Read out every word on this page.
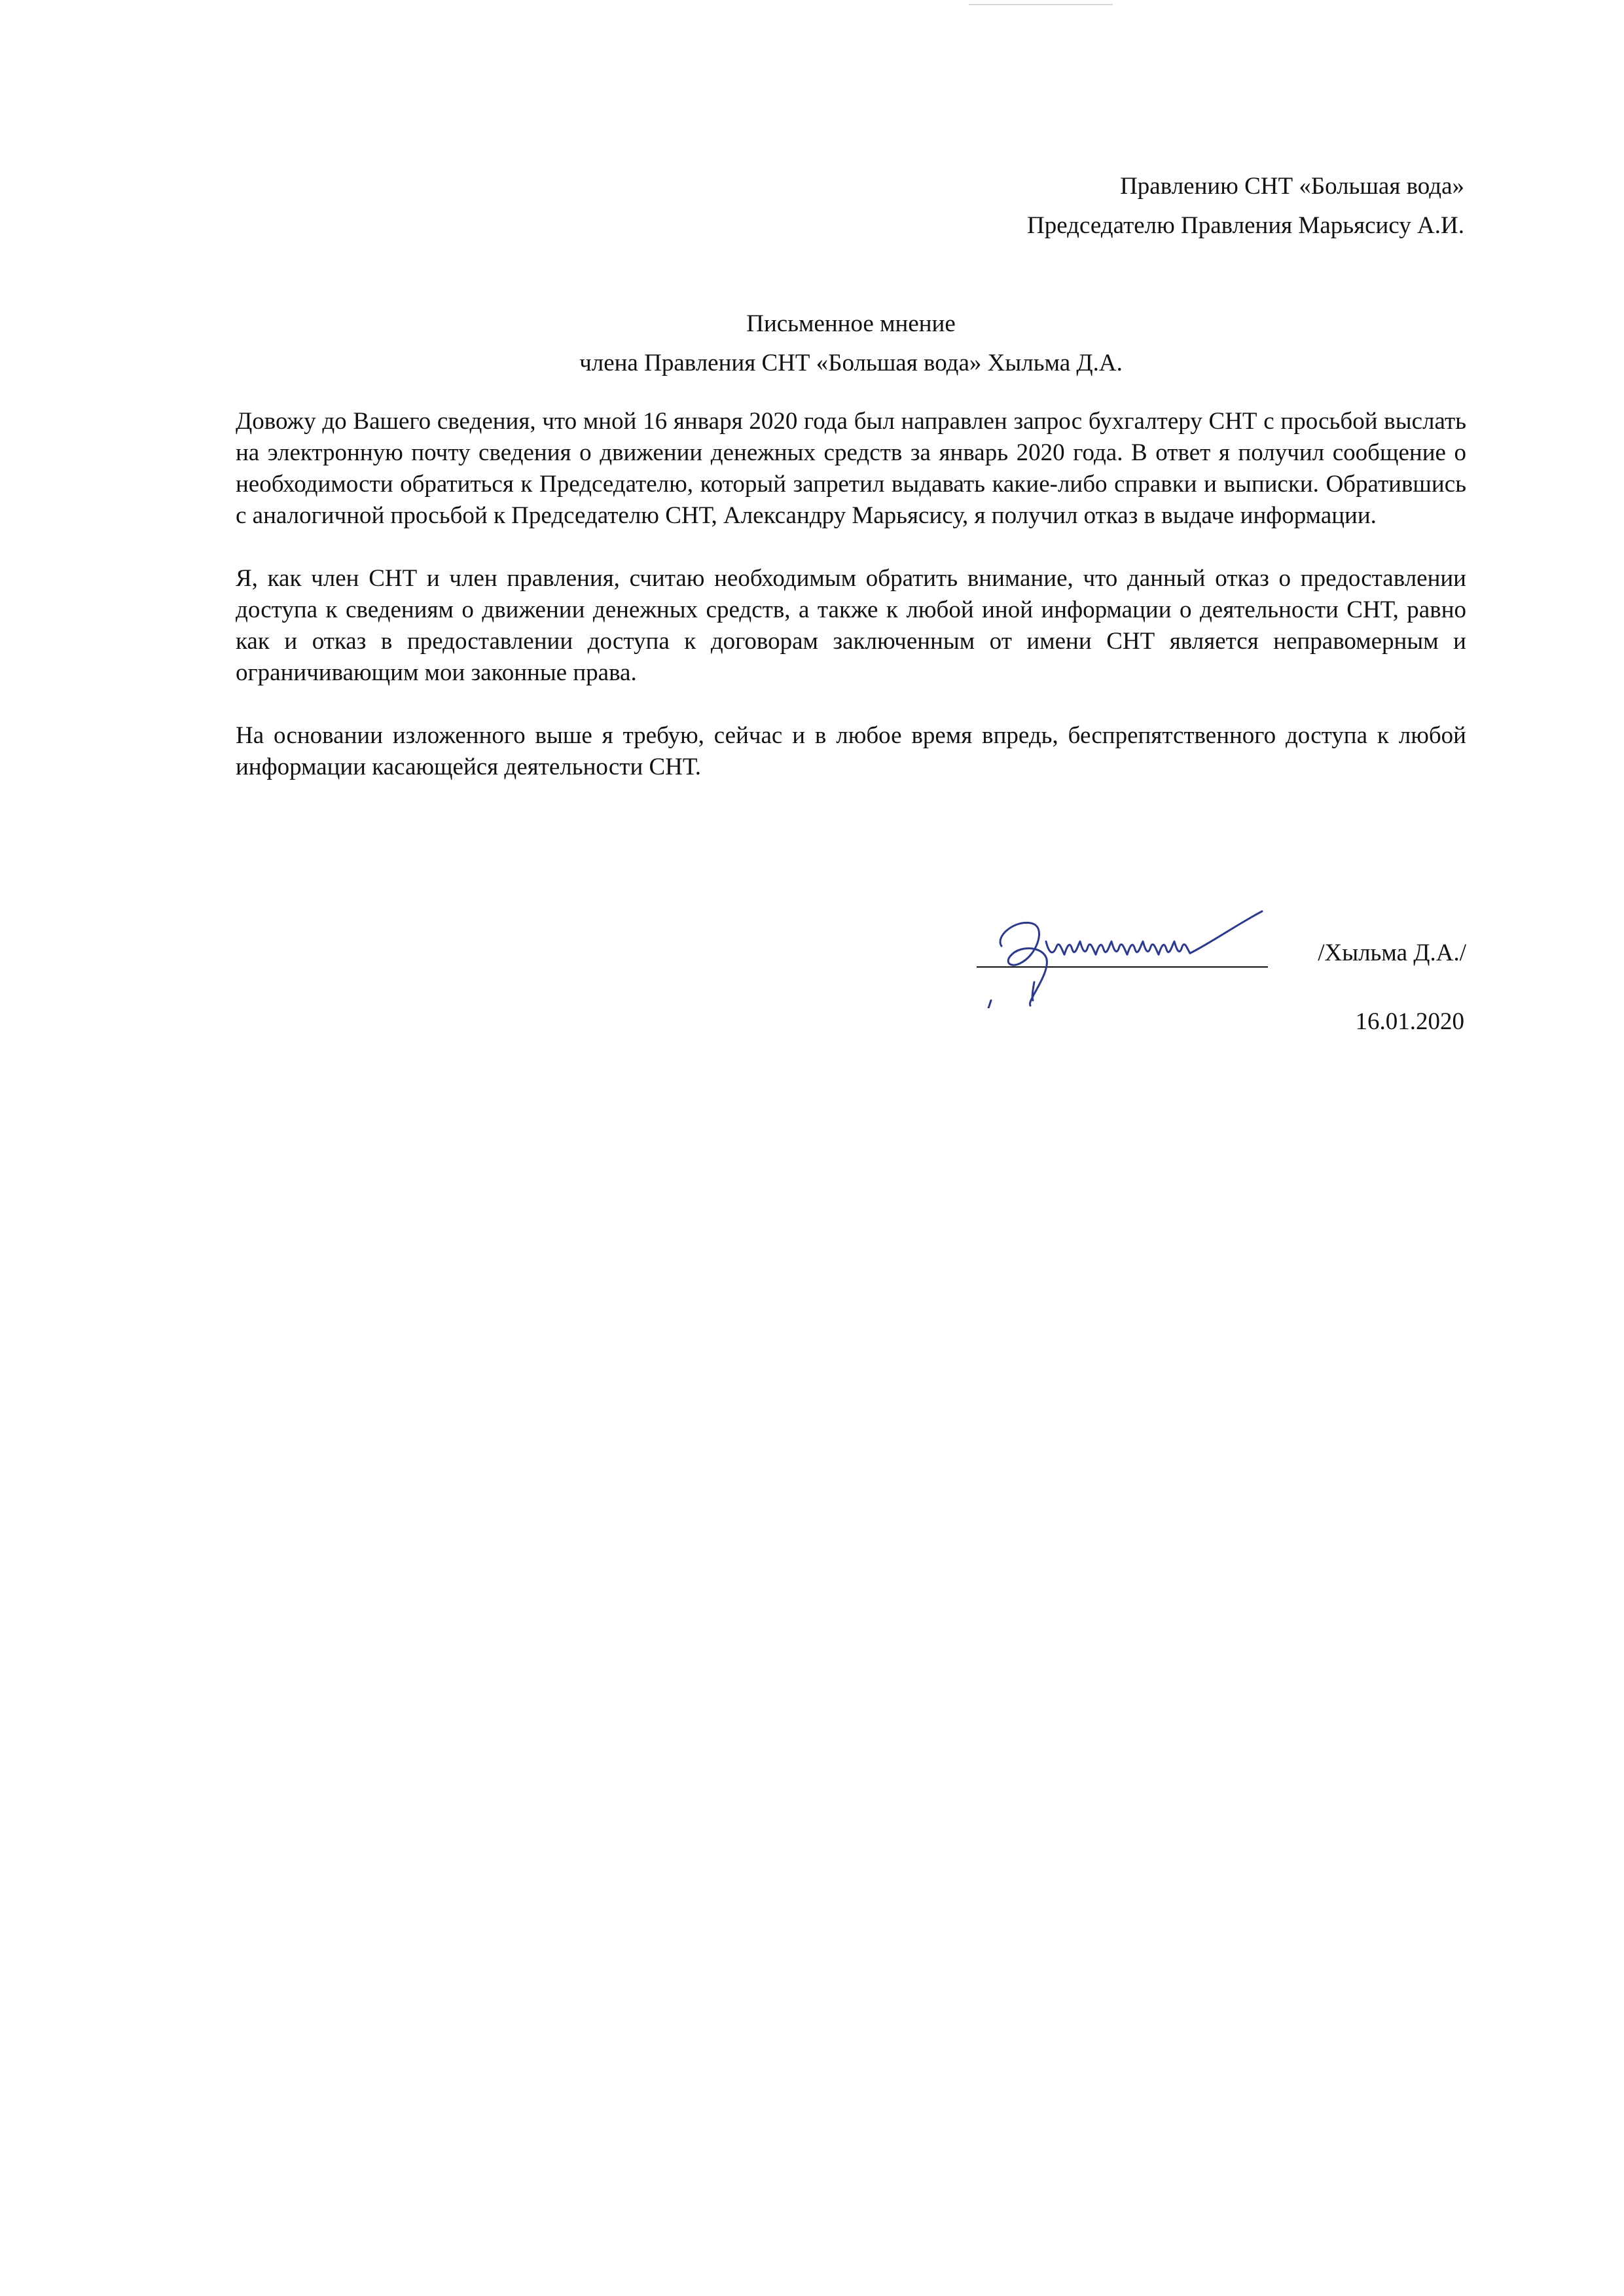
Правлению СНТ «Большая вода»
Председателю Правления Марьясису А.И.
Письменное мнение
члена Правления СНТ «Большая вода» Хыльма Д.А.

Довожу до Вашего сведения, что мной 16 января 2020 года был направлен запрос бухгалтеру СНТ с просьбой выслать на электронную почту сведения о движении денежных средств за январь 2020 года. В ответ я получил сообщение о необходимости обратиться к Председателю, который запретил выдавать какие-либо справки и выписки. Обратившись с аналогичной просьбой к Председателю СНТ, Александру Марьясису, я получил отказ в выдаче информации.

Я, как член СНТ и член правления, считаю необходимым обратить внимание, что данный отказ о предоставлении доступа к сведениям о движении денежных средств, а также к любой иной информации о деятельности СНТ, равно как и отказ в предоставлении доступа к договорам заключенным от имени СНТ является неправомерным и ограничивающим мои законные права.

На основании изложенного выше я требую, сейчас и в любое время впредь, беспрепятственного доступа к любой информации касающейся деятельности СНТ.

/Хыльма Д.А./
16.01.2020
